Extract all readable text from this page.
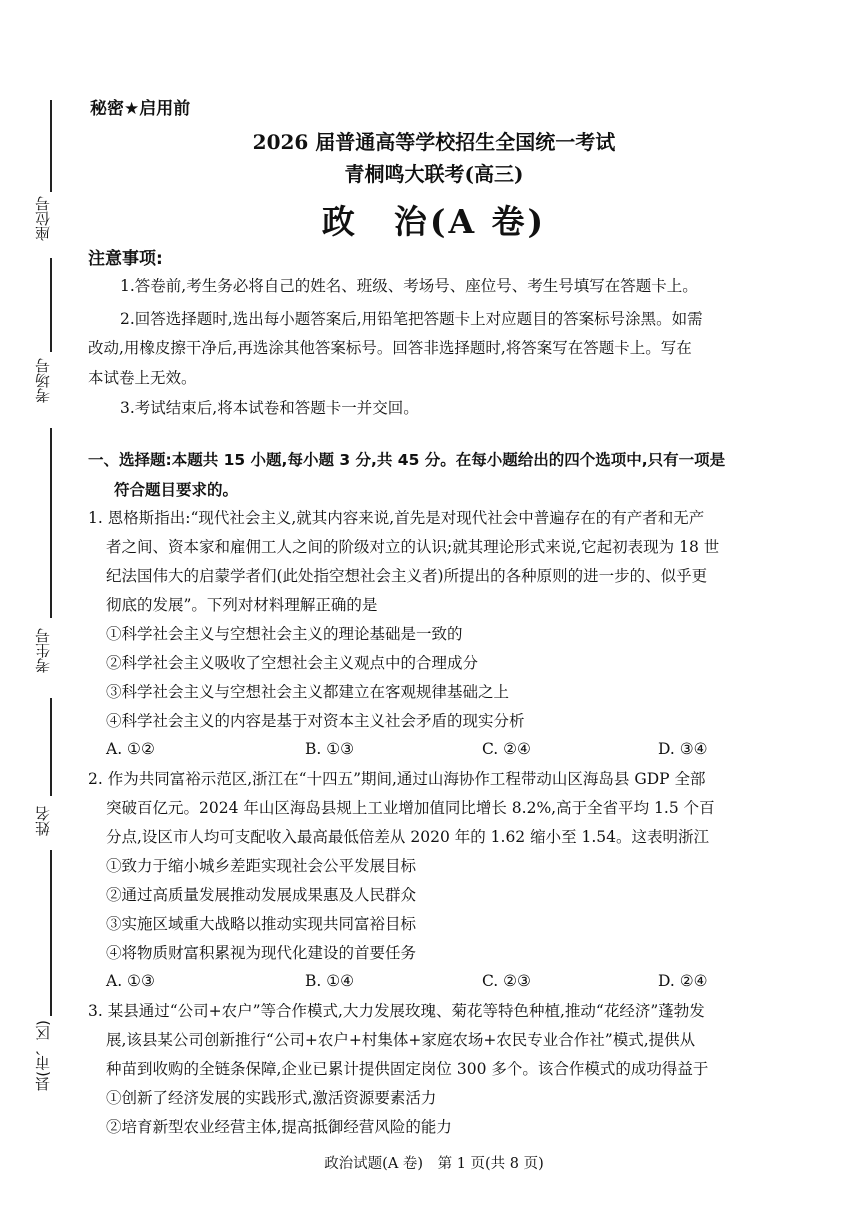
座位号
考场号
考生号
姓名
县(市、区)
秘密★启用前
2026 届普通高等学校招生全国统一考试
青桐鸣大联考(高三)
政　治(A 卷)
注意事项:
1.答卷前,考生务必将自己的姓名、班级、考场号、座位号、考生号填写在答题卡上。
2.回答选择题时,选出每小题答案后,用铅笔把答题卡上对应题目的答案标号涂黑。如需
改动,用橡皮擦干净后,再选涂其他答案标号。回答非选择题时,将答案写在答题卡上。写在
本试卷上无效。
3.考试结束后,将本试卷和答题卡一并交回。
一、选择题:本题共 15 小题,每小题 3 分,共 45 分。在每小题给出的四个选项中,只有一项是
符合题目要求的。
1. 恩格斯指出:“现代社会主义,就其内容来说,首先是对现代社会中普遍存在的有产者和无产
者之间、资本家和雇佣工人之间的阶级对立的认识;就其理论形式来说,它起初表现为 18 世
纪法国伟大的启蒙学者们(此处指空想社会主义者)所提出的各种原则的进一步的、似乎更
彻底的发展”。下列对材料理解正确的是
①科学社会主义与空想社会主义的理论基础是一致的
②科学社会主义吸收了空想社会主义观点中的合理成分
③科学社会主义与空想社会主义都建立在客观规律基础之上
④科学社会主义的内容是基于对资本主义社会矛盾的现实分析
A. ①②	B. ①③	C. ②④	D. ③④
2. 作为共同富裕示范区,浙江在“十四五”期间,通过山海协作工程带动山区海岛县 GDP 全部
突破百亿元。2024 年山区海岛县规上工业增加值同比增长 8.2%,高于全省平均 1.5 个百
分点,设区市人均可支配收入最高最低倍差从 2020 年的 1.62 缩小至 1.54。这表明浙江
①致力于缩小城乡差距实现社会公平发展目标
②通过高质量发展推动发展成果惠及人民群众
③实施区域重大战略以推动实现共同富裕目标
④将物质财富积累视为现代化建设的首要任务
A. ①③	B. ①④	C. ②③	D. ②④
3. 某县通过“公司+农户”等合作模式,大力发展玫瑰、菊花等特色种植,推动“花经济”蓬勃发
展,该县某公司创新推行“公司+农户+村集体+家庭农场+农民专业合作社”模式,提供从
种苗到收购的全链条保障,企业已累计提供固定岗位 300 多个。该合作模式的成功得益于
①创新了经济发展的实践形式,激活资源要素活力
②培育新型农业经营主体,提高抵御经营风险的能力
政治试题(A 卷)　第 1 页(共 8 页)
